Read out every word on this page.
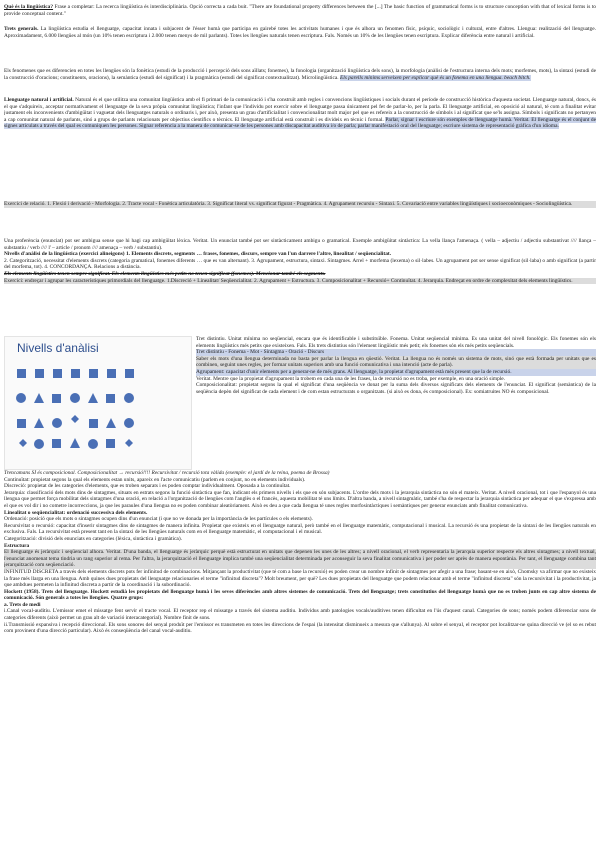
Què és la lingüística? Frase a completar: La recerca lingüística és interdisciplinària. Opció correcta a cada buit. "There are foundational property differences between the [...] The basic function of grammatical forms is to structure conception with that of lexical forms is to provide conceptual content."

Trets generals. La lingüística estudia el llenguatge, capacitat innata i subjacent de l'ésser humà que participa en gairebé totes les activitats humanes i que és alhora un fenomen físic, psíquic, sociològic i cultural, entre d'altres. Llengua: realització del llenguatge. Aproximadament, 6.000 llengües al món (un 10% tenen escriptura i 2.000 tenen menys de mil parlants). Totes les llengües naturals tenen escriptura. Fals. Només un 10% de les llengües tenen escriptura. Explicar diferència entre natural i artificial.

Els fenomenes que es diferencien en totes les llengües són la fonètica (estudi de la producció i percepció dels sons aïllats; fonemes), la fonologia (organització lingüística dels sons), la morfologia (anàlisi de l'estructura interna dels mots; morfemes, mots), la sintaxi (estudi de la construcció d'oracions; constituents, oracions), la semàntica (estudi del significat) i la pragmàtica (estudi del significat contextualitzat). Microlingüística. Els parells mínims serveixen per explicar què és un fonema en una llengua. beach bitch.

Llenguatge natural i artificial. Natural és el que utilitza una comunitat lingüística amb el fi primari de la comunicació i s'ha construït amb regles i convencions lingüístiques i socials durant el període de construcció històrica d'aquesta societat. Llenguatge natural, doncs, és el que s'adquireix, acceptar normativament el llenguatge de la seva pròpia comunitat lingüística; l'infant que l'individu pot exercir sobre el llenguatge passa únicament pel fet de parlar-lo, per la parla. El llenguatge artificial, en oposició al natural, té com a finalitat evitar justament els inconvenients d'ambigüitat i vaguetat dels llenguatges naturals o ordinaris i, per això, presenta un grau d'artificialitat i convencionalitat molt major pel que es refereix a la construcció de símbols i al significat que se'ls assigna. Símbols i significats no pertanyen a cap comunitat natural de parlants, sinó a grups de parlants relacionats per objectius científics o tècnics. El llenguatge artificial està construït i es divideix en tècnic i formal. Parlar, signar i escriure són exemples de llenguatge humà. Veritat. El llenguatge és el conjunt de signes articulats a través del qual es comuniquen les persones. Signar referència a la manera de comunicar-se de les persones amb discapacitat auditiva i/o de parla; parlar manifestació oral del llenguatge; escriure sistema de representació gràfica d'un idioma.

Exercici de relació. 1. Flexió i derivació - Morfologia. 2. Tracte vocal - Fonètica articulatòria. 3. Significat literal vs. significat figurat - Pragmàtica. 4. Agrupament recursiu - Sintaxi. 5. Covariació entre variables lingüístiques i socioeconòmiques - Sociolingüística.

Una proferència (enunciat) pot ser ambigua sense que hi hagi cap ambigüitat lèxica. Veritat. Un enunciat també pot ser sintàcticament ambigu o gramatical. Exemple ambigüitat sintàctica: La vella llança l'amenaça. ( vella – adjectiu / adjectiu substantivat //// llança – substantiu / verb //// l' – article / pronom //// amenaça – verb / substantiu).

Nivells d'anàlisi de la lingüística (exercici alineigons) 1. Elements discrets, segments … frases, fonemes, discurs, sempre van l'un darrere l'altre, linealitat / seqüencialitat.

2. Categorització, necessitat d'elements discrets (categoria gramatical, fonemes diferents … que es van alternant). 3. Agrupament, estructura, sintaxi. Sintagmes. Arrel + morfema (lexema) o sil·labes. Un agrupament pot ser sense significat (sil·laba) o amb significat (a partir del morfema, tot). 4. CONCORDANÇA. Relacions a distància.

Els elements lingüístics tenen sempre significat. Els elements lingüístics més petits no tenen significat (fonemes). Mencionar també els segments.

Exercici: endreçar i agrupar les característiques primordials del llenguatge. 1.Discreció + Linealitat/ Seqüencialitat. 2. Agrupament + Estructura. 3. Composicionalitat + Recursió+ Continuïtat. 4. Jerarquia. Endreçat en ordre de complexitat dels elements lingüístics.

Nivells d'anàlisi

Tret distintiu. Unitat mínima no seqüencial, encara que és identificable i substituïble. Fonema. Unitat seqüencial mínima. És una unitat del nivell fonològic. Els fonemes són els elements lingüístics més petits que existeixen. Fals. Els trets distintius són l'element lingüístic més petit; els fonemes són els més petits seqüencials.

Tret distintiu - Fonema - Mot - Sintagma - Oració - Discurs

Saber els mots d'una llengua determinada no basta per parlar la llengua en qüestió. Veritat. La llengua no és només un sistema de mots, sinó que està formada per unitats que es combinen, seguint unes regles, per formar unitats superiors amb una funció comunicativa i una intenció (acte de parla).

Agrupament: capacitat d'unir elements per a generar-ne de més grans. Al llenguatge, la propietat d'agrupament està més present que la de recursió.

Veritat. Mentre que la propietat d'agrupament la trobem en cada una de les frases, la de recursió no es troba, per exemple, en una oració simple.

Composicionalitat: propietat segons la qual el significat d'una seqüència ve donat per la suma dels diversos significats dels elements de l'enunciat. El significat (semàntica) de la seqüència depèn del significat de cada element i de com estan estructurats o organitzats. (si això es dona, és composicional). Ex: somiatruites NO és composicional.

Trencamans SÍ és composicional. Composicionalitat → recursió!!!! Recursivitat / recursió tota vàlida (exemple: el jardí de la reina, poema de Brossa)

Continuïtat: propietat segons la qual els elements estan units, apareix en l'acte comunicatiu (parlem en conjunt, no en elements individuals).

Discreció: propietat de les categories d'elements, que es troben separats i es poden comptar individualment. Oposada a la continuïtat.

Jerarquia: classificació dels mots dins de sintagmes, situats en estrats segons la funció sintàctica que fan, indicant els primers nivells i els que en són subjacents. L'ordre dels mots i la jerarquia sintàctica no són el mateix. Veritat. A nivell oracional, tot i que l'espanyol és una llengua que permet força mobilitat dels sintagmes d'una oració, en relació a l'organització de llengües com l'anglès o el francès, aquesta mobilitat té uns límits. D'altra banda, a nivell sintagmàtic, també s'ha de respectar la jerarquia sintàctica per adequar el que s'expressa amb el que es vol dir i no cometre incorreccions, ja que les paraules d'una llengua no es poden combinar aleatòriament. Això es deu a que cada llengua té unes regles morfosintàctiques i semàntiques per generar enunciats amb finalitat comunicativa.

Linealitat o seqüencialitat: ordenació successiva dels elements.

Ordenació: posició que els mots o sintagmes ocupen dins d'un enunciat (i que no ve donada per la importància de les partícules o els elements).

Recursivitat o recursió: capacitat d'inserir sintagmes dins de sintagmes de manera infinita. Propietat que existeix en el llenguatge natural, però també en el llenguatge matemàtic, computacional i musical. La recursió és una propietat de la sintaxi de les llengües naturals en exclusiva. Fals. La recursivitat està present tant en la sintaxi de les llengües naturals com en el llenguatge matemàtic, el computacional i el musical.

Categorització: divisió dels enunciats en categories (lèxica, sintàctica i gramàtica).

Estructura

El llenguatge és jeràrquic i seqüencial alhora. Veritat. D'una banda, el llenguatge és jeràrquic perquè està estructurat en unitats que depenen les unes de les altres; a nivell oracional, el verb representaria la jerarquia superior respecte els altres sintagmes; a nivell textual, l'enunciat anomenat tema tindria un rang superior al rema. Per l'altra, la jerarquització el llenguatge implica també una seqüencialitat determinada per aconseguir la seva finalitat comunicativa i per poder ser après de manera espontània. Per tant, el llenguatge combina tant jerarquització com seqüenciació.

INFINITUD DISCRETA a través dels elements discrets pots fer infinitud de combinacions. Mitjançant la productivitat (que té com a base la recursió) es poden crear un nombre infinit de sintagmes per afegir a una frase; basant-se en això, Chomsky va afirmar que no existeix la frase més llarga en una llengua. Amb quines dues propietats del llenguatge relacionaries el terme "infinitud discreta"? Molt breument, per què? Les dues propietats del llenguatge que podem relacionar amb el terme "infinitud discreta" són la recursivitat i la productivitat, ja que ambdues permeten la infinitud discreta a partir de la coordinació i la subordinació.

Hockett (1958). Trets del llenguatge. Hockett estudià les propietats del llenguatge humà i les seves diferències amb altres sistemes de comunicació. Trets del llenguatge; trets constitutius del llenguatge humà que no es troben junts en cap altre sistema de comunicació. Són generals a totes les llengües. Quatre grups:

a. Trets de medi

i.Canal vocal-auditiu. L'emissor emet el missatge fent servir el tracte vocal. El receptor rep el missatge a través del sistema auditiu. Individus amb patologies vocals/auditives tenen dificultat en l'ús d'aquest canal. Categories de sons; només podem diferenciar sons de categories diferents (això permet un grau alt de variació interacategorial). Nombre finit de sons.

ii.Transmissió expansiva i recepció direccional. Els sons sonores del senyal produït per l'emissor es transmeten en totes les direccions de l'espai (la intensitat disminueix a mesura que s'allunya). Al sobre el senyal, el receptor pot localitzar-ne quina direcció ve (el so es rebut com provinent d'una direcció particular). Això és conseqüència del canal vocal-auditiu.
